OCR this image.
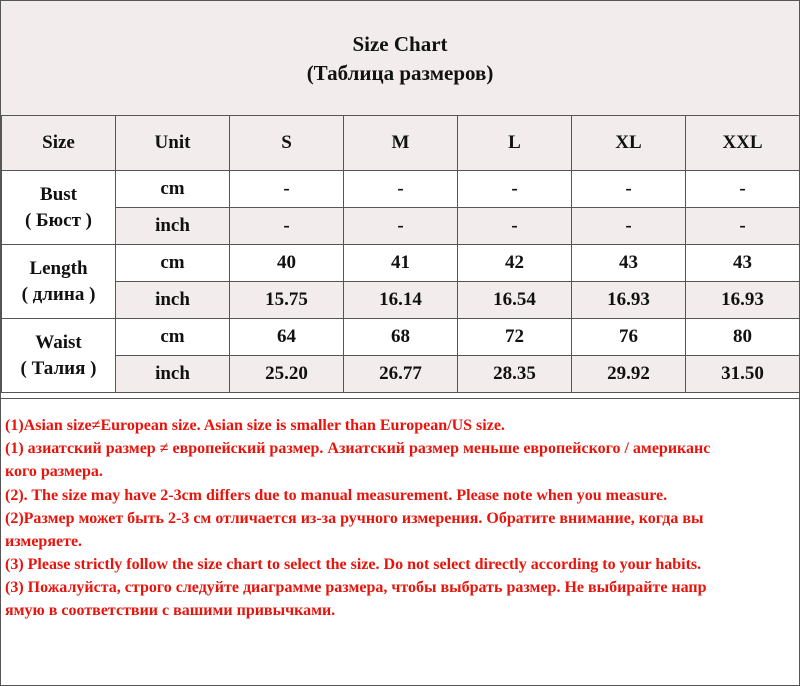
Size Chart
(Таблица размеров)
Size	Unit	S	M	L	XL	XXL

Bust
( Бюст )	cm	-	-	-	-	-
	inch	-	-	-	-	-

Length
( длина )	cm	40	41	42	43	43
	inch	15.75	16.14	16.54	16.93	16.93

Waist
( Талия )	cm	64	68	72	76	80
	inch	25.20	26.77	28.35	29.92	31.50
(1)Asian size≠European size. Asian size is smaller than European/US size.
(1) азиатский размер ≠ европейский размер. Азиатский размер меньше европейского / американс
кого размера.
(2). The size may have 2-3cm differs due to manual measurement. Please note when you measure.
(2)Размер может быть 2-3 см отличается из-за ручного измерения. Обратите внимание, когда вы
измеряете.
(3) Please strictly follow the size chart to select the size. Do not select directly according to your habits.
(3) Пожалуйста, строго следуйте диаграмме размера, чтобы выбрать размер. Не выбирайте напр
ямую в соответствии с вашими привычками.
